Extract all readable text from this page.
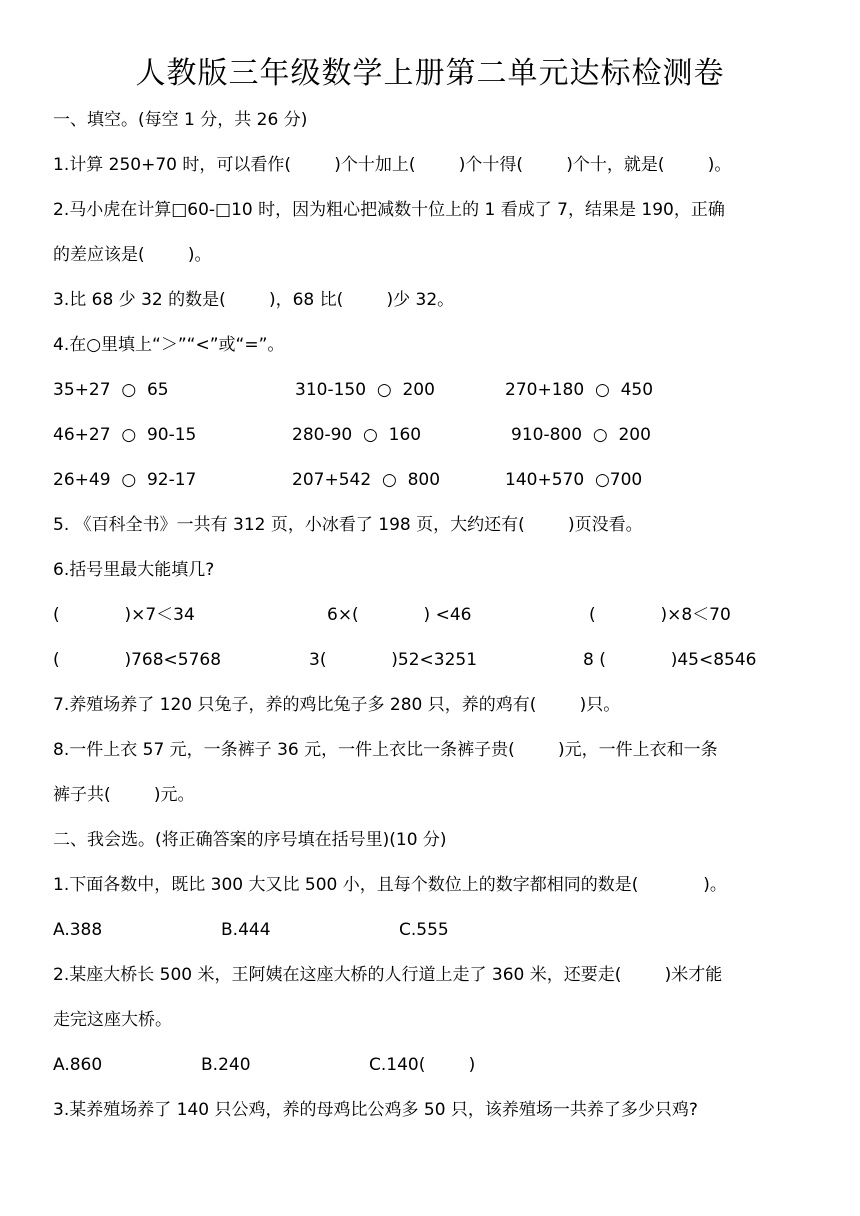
人教版三年级数学上册第二单元达标检测卷
一、填空。(每空 1 分，共 26 分)
1.计算 250+70 时，可以看作(        )个十加上(        )个十得(        )个十，就是(        )。
2.马小虎在计算□60-□10 时，因为粗心把减数十位上的 1 看成了 7，结果是 190，正确
的差应该是(        )。
3.比 68 少 32 的数是(        )，68 比(        )少 32。
4.在○里填上“＞”“<”或“=”。
35+27  ○  65	310-150  ○  200	270+180  ○  450
46+27  ○  90-15	280-90  ○  160	910-800  ○  200
26+49  ○  92-17	207+542  ○  800	140+570  ○700
5. 《百科全书》一共有 312 页，小冰看了 198 页，大约还有(        )页没看。
6.括号里最大能填几?
(            )×7＜34	6×(            ) <46	(            )×8＜70
(            )768<5768	3(            )52<3251	8 (            )45<8546
7.养殖场养了 120 只兔子，养的鸡比兔子多 280 只，养的鸡有(        )只。
8.一件上衣 57 元，一条裤子 36 元，一件上衣比一条裤子贵(        )元，一件上衣和一条
裤子共(        )元。
二、我会选。(将正确答案的序号填在括号里)(10 分)
1.下面各数中，既比 300 大又比 500 小，且每个数位上的数字都相同的数是(            )。
A.388	B.444	C.555
2.某座大桥长 500 米，王阿姨在这座大桥的人行道上走了 360 米，还要走(        )米才能
走完这座大桥。
A.860	B.240	C.140(        )
3.某养殖场养了 140 只公鸡，养的母鸡比公鸡多 50 只，该养殖场一共养了多少只鸡?
